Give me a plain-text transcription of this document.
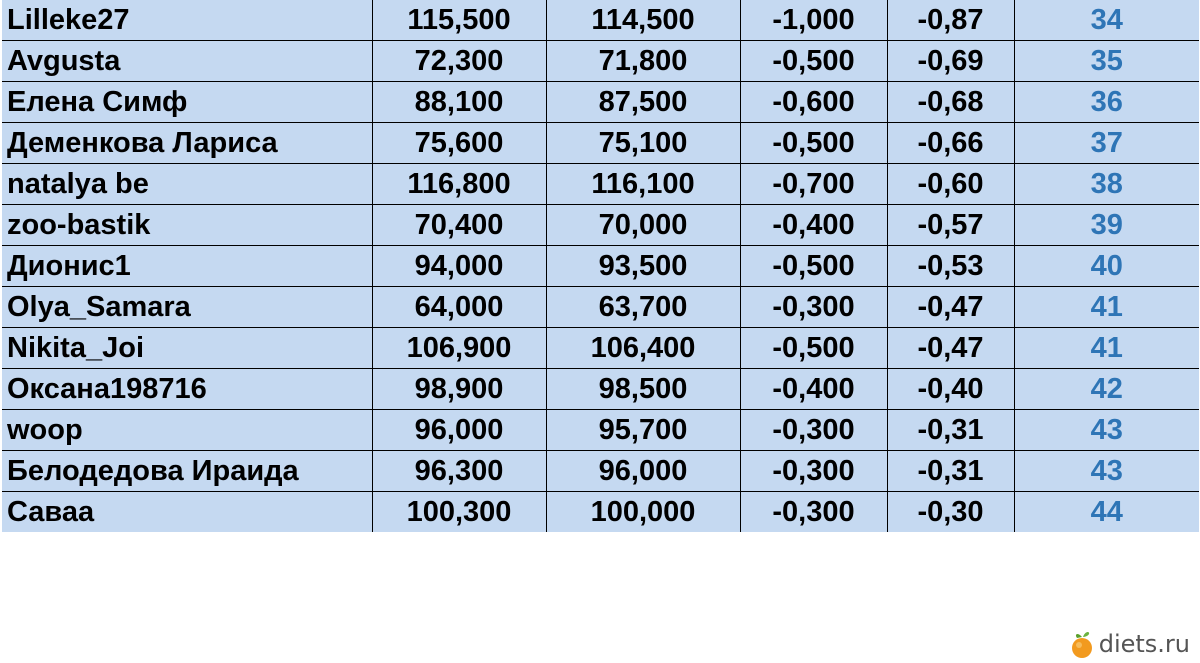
Lilleke27	115,500	114,500	-1,000	-0,87	34
Avgusta	72,300	71,800	-0,500	-0,69	35
Елена Симф	88,100	87,500	-0,600	-0,68	36
Деменкова Лариса	75,600	75,100	-0,500	-0,66	37
natalya be	116,800	116,100	-0,700	-0,60	38
zoo-bastik	70,400	70,000	-0,400	-0,57	39
Дионис1	94,000	93,500	-0,500	-0,53	40
Olya_Samara	64,000	63,700	-0,300	-0,47	41
Nikita_Joi	106,900	106,400	-0,500	-0,47	41
Оксана198716	98,900	98,500	-0,400	-0,40	42
woop	96,000	95,700	-0,300	-0,31	43
Белодедова Ираида	96,300	96,000	-0,300	-0,31	43
Саваа	100,300	100,000	-0,300	-0,30	44
diets.ru
